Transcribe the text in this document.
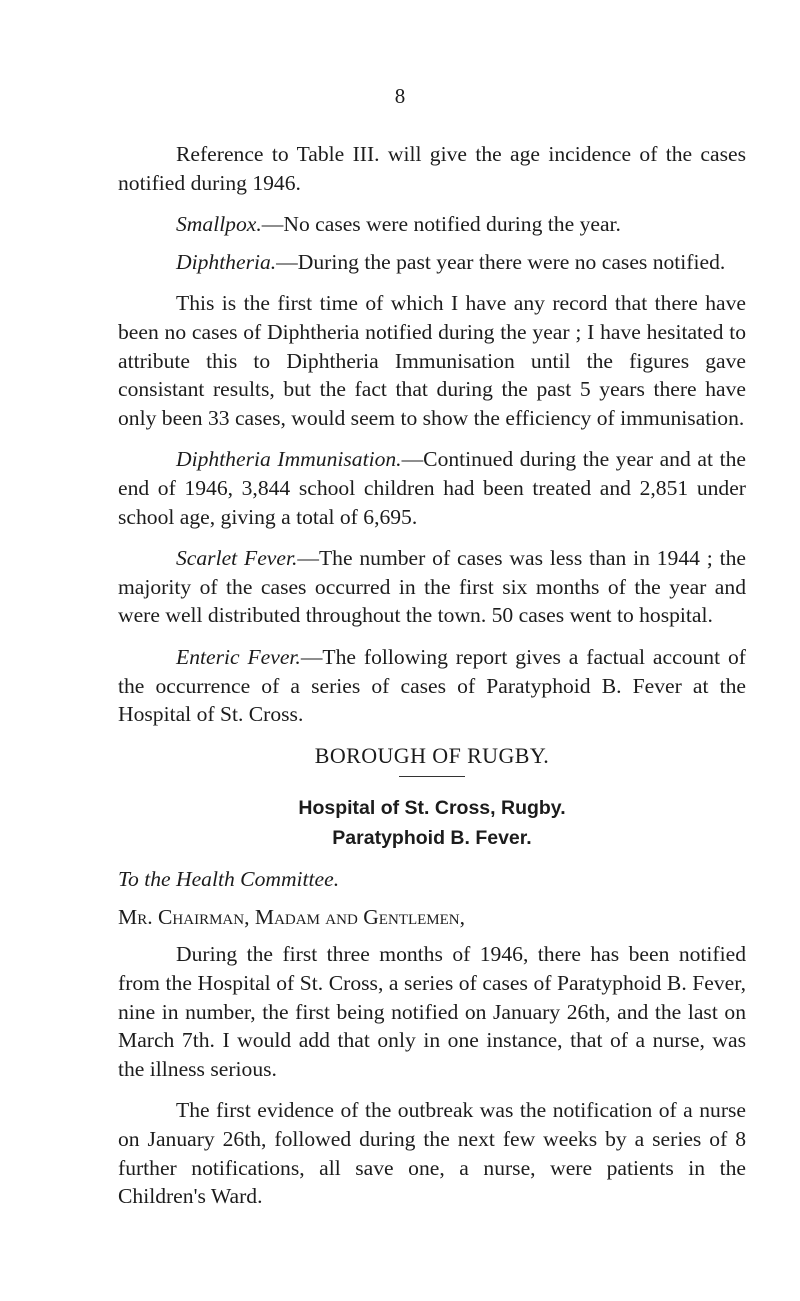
8

Reference to Table III. will give the age incidence of the cases notified during 1946.

Smallpox.—No cases were notified during the year.

Diphtheria.—During the past year there were no cases notified.

This is the first time of which I have any record that there have been no cases of Diphtheria notified during the year ; I have hesitated to attribute this to Diphtheria Immunisation until the figures gave consistant results, but the fact that during the past 5 years there have only been 33 cases, would seem to show the efficiency of immunisation.

Diphtheria Immunisation.—Continued during the year and at the end of 1946, 3,844 school children had been treated and 2,851 under school age, giving a total of 6,695.

Scarlet Fever.—The number of cases was less than in 1944 ; the majority of the cases occurred in the first six months of the year and were well distributed throughout the town. 50 cases went to hospital.

Enteric Fever.—The following report gives a factual account of the occurrence of a series of cases of Paratyphoid B. Fever at the Hospital of St. Cross.

BOROUGH OF RUGBY.
Hospital of St. Cross, Rugby.
Paratyphoid B. Fever.

To the Health Committee.

Mr. Chairman, Madam and Gentlemen,

During the first three months of 1946, there has been notified from the Hospital of St. Cross, a series of cases of Paratyphoid B. Fever, nine in number, the first being notified on January 26th, and the last on March 7th. I would add that only in one instance, that of a nurse, was the illness serious.

The first evidence of the outbreak was the notification of a nurse on January 26th, followed during the next few weeks by a series of 8 further notifications, all save one, a nurse, were patients in the Children's Ward.
